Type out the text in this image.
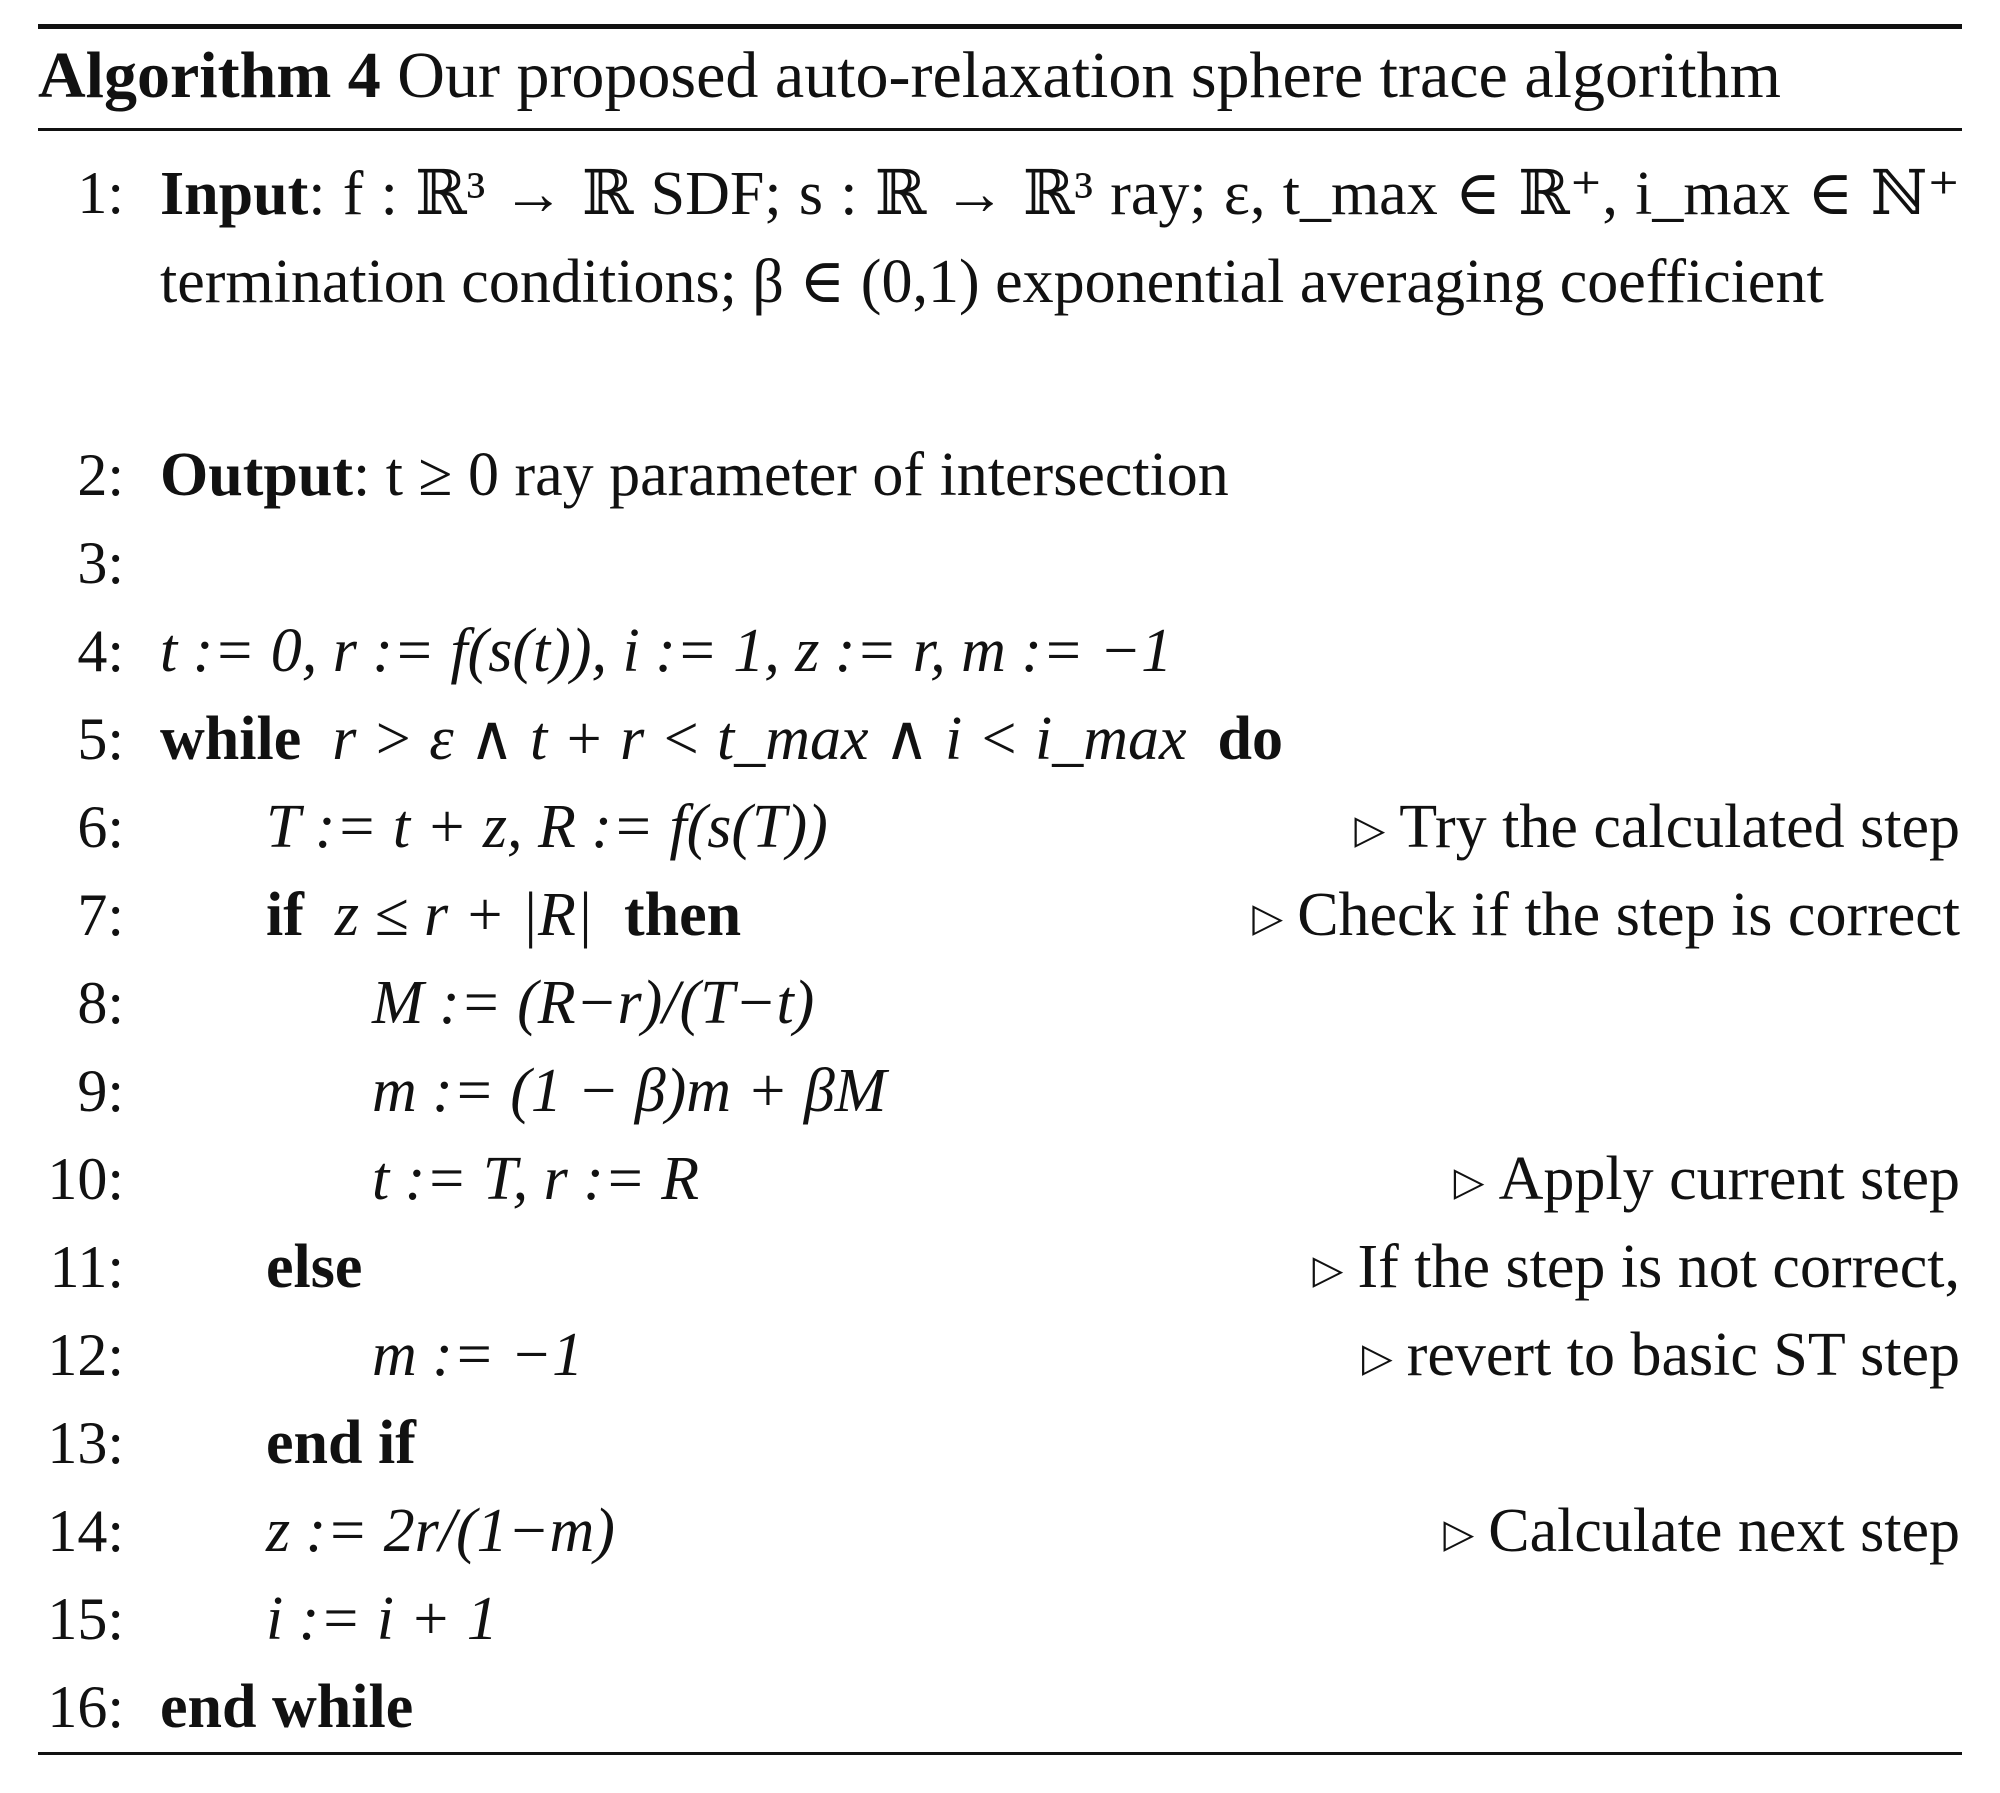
Algorithm 4 Our proposed auto-relaxation sphere trace algorithm
1: Input: f : ℝ³ → ℝ SDF; s : ℝ → ℝ³ ray; ε, t_max ∈ ℝ⁺, i_max ∈ ℕ⁺ termination conditions; β ∈ (0,1) exponential averaging coefficient
2: Output: t ≥ 0 ray parameter of intersection
3:
4: t := 0, r := f(s(t)), i := 1, z := r, m := −1
5: while r > ε ∧ t + r < t_max ∧ i < i_max do
6: T := t + z, R := f(s(T))	▷ Try the calculated step
7: if z ≤ r + |R| then	▷ Check if the step is correct
8:	M := (R−r)/(T−t)
9:	m := (1 − β)m + βM
10:	t := T, r := R	▷ Apply current step
11: else	▷ If the step is not correct,
12:	m := −1	▷ revert to basic ST step
13: end if
14: z := 2r/(1−m)	▷ Calculate next step
15: i := i + 1
16: end while
